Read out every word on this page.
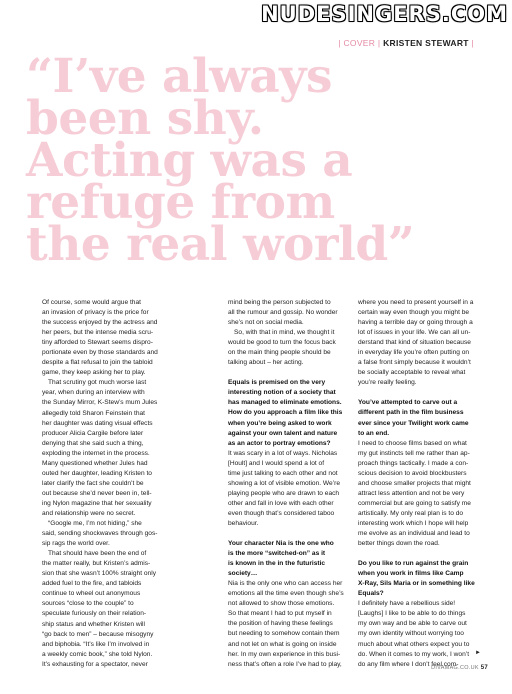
NUDESINGERS.COM
| COVER | KRISTEN STEWART |
“I’ve always
been shy.
Acting was a
refuge from
the real world”

Of course, some would argue that

an invasion of privacy is the price for

the success enjoyed by the actress and

her peers, but the intense media scru-

tiny afforded to Stewart seems dispro-

portionate even by those standards and

despite a flat refusal to join the tabloid

game, they keep asking her to play.

That scrutiny got much worse last

year, when during an interview with

the Sunday Mirror, K-Stew’s mum Jules

allegedly told Sharon Feinstein that

her daughter was dating visual effects

producer Alicia Cargile before later

denying that she said such a thing,

exploding the internet in the process.

Many questioned whether Jules had

outed her daughter, leading Kristen to

later clarify the fact she couldn’t be

out because she’d never been in, tell-

ing Nylon magazine that her sexuality

and relationship were no secret.

“Google me, I’m not hiding,” she

said, sending shockwaves through gos-

sip rags the world over.

That should have been the end of

the matter really, but Kristen’s admis-

sion that she wasn’t 100% straight only

added fuel to the fire, and tabloids

continue to wheel out anonymous

sources “close to the couple” to

speculate furiously on their relation-

ship status and whether Kristen will

“go back to men” – because misogyny

and biphobia. “It’s like I’m involved in

a weekly comic book,” she told Nylon.

It’s exhausting for a spectator, never

mind being the person subjected to

all the rumour and gossip. No wonder

she’s not on social media.

So, with that in mind, we thought it

would be good to turn the focus back

on the main thing people should be

talking about – her acting.

Equals is premised on the very

interesting notion of a society that

has managed to eliminate emotions.

How do you approach a film like this

when you’re being asked to work

against your own talent and nature

as an actor to portray emotions?

It was scary in a lot of ways. Nicholas

[Hoult] and I would spend a lot of

time just talking to each other and not

showing a lot of visible emotion. We’re

playing people who are drawn to each

other and fall in love with each other

even though that’s considered taboo

behaviour.

Your character Nia is the one who

is the more “switched-on” as it

is known in the in the futuristic

society…

Nia is the only one who can access her

emotions all the time even though she’s

not allowed to show those emotions.

So that meant I had to put myself in

the position of having these feelings

but needing to somehow contain them

and not let on what is going on inside

her. In my own experience in this busi-

ness that’s often a role I’ve had to play,

where you need to present yourself in a

certain way even though you might be

having a terrible day or going through a

lot of issues in your life. We can all un-

derstand that kind of situation because

in everyday life you’re often putting on

a false front simply because it wouldn’t

be socially acceptable to reveal what

you’re really feeling.

You’ve attempted to carve out a

different path in the film business

ever since your Twilight work came

to an end.

I need to choose films based on what

my gut instincts tell me rather than ap-

proach things tactically. I made a con-

scious decision to avoid blockbusters

and choose smaller projects that might

attract less attention and not be very

commercial but are going to satisfy me

artistically. My only real plan is to do

interesting work which I hope will help

me evolve as an individual and lead to

better things down the road.

Do you like to run against the grain

when you work in films like Camp

X-Ray, Sils Maria or in something like

Equals?

I definitely have a rebellious side!

[Laughs] I like to be able to do things

my own way and be able to carve out

my own identity without worrying too

much about what others expect you to

do. When it comes to my work, I won’t

do any film where I don’t feel com-

►
DIVAMAG.CO.UK 57
